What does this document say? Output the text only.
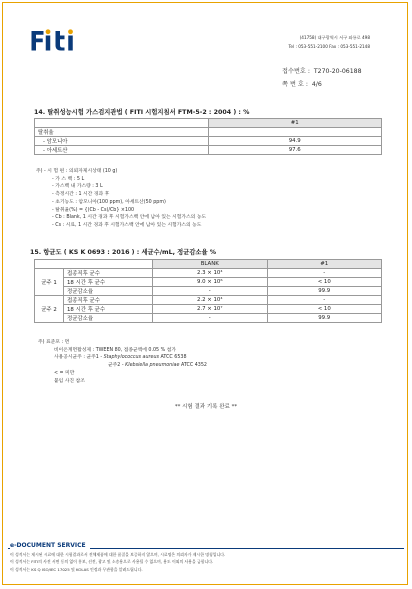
(41758) 대구광역시 서구 와룡로 498
Tel : 053-551-2100 Fax : 053-551-2148
접수번호 : T270-20-06188
쪽 번 호 : 4/6
14. 탈취성능시험 가스검지관법 ( FITI 시험지침서 FTM-5-2 : 2004 ) : %
	#1
탈취율	
- 암모니아	94.9
- 아세트산	97.6
주) - 시 험 편 : 의뢰자제시상태 (10 g)
- 가 스 백 : 5 L
- 가스백 내 가스량 : 3 L
- 측정시간 : 1 시간 경과 후
- 초기농도 : 암모니아(100 ppm), 아세트산(50 ppm)
- 탈취율(%) = {(Cb - Cs)/Cb} ×100
- Cb : Blank, 1 시간 경과 후 시험가스백 안에 남아 있는 시험가스의 농도
- Cs : 시료, 1 시간 경과 후 시험가스백 안에 남아 있는 시험가스의 농도
15. 항균도 ( KS K 0693 : 2016 ) : 세균수/mL, 정균감소율 %
		BLANK	#1
균주 1	접종직후 균수	2.3 × 10⁴	-
	18 시간 후 균수	9.0 × 10⁶	< 10
	정균감소율	-	99.9
균주 2	접종직후 균수	2.2 × 10⁴	-
	18 시간 후 균수	2.7 × 10⁷	< 10
	정균감소율	-	99.9
주) 표준포 : 면
비이온계면활성제 : TWEEN 80, 접종균액에 0.05 % 첨가
사용공시균주 : 균주1 - Staphylococcus aureus ATCC 6538
균주2 - Klebsiella pneumoniae ATCC 4352
< = 미만
붙임 사진 참조
** 시험 결과 기록 완료 **
e-DOCUMENT SERVICE
이 성적서는 제시된 시료에 대한 시험결과로서 전체제품에 대한 품질을 보증하지 않으며, 시료명은 의뢰자가 제시한 명칭입니다.
이 성적서는 FITI의 사전 서면 동의 없이 홍보, 선전, 광고 및 소송용으로 사용될 수 없으며, 용도 이외의 사용을 금합니다.
이 성적서는 KS Q ISO/IEC 17025 및 KOLAS 인정과 무관함을 알려드립니다.
